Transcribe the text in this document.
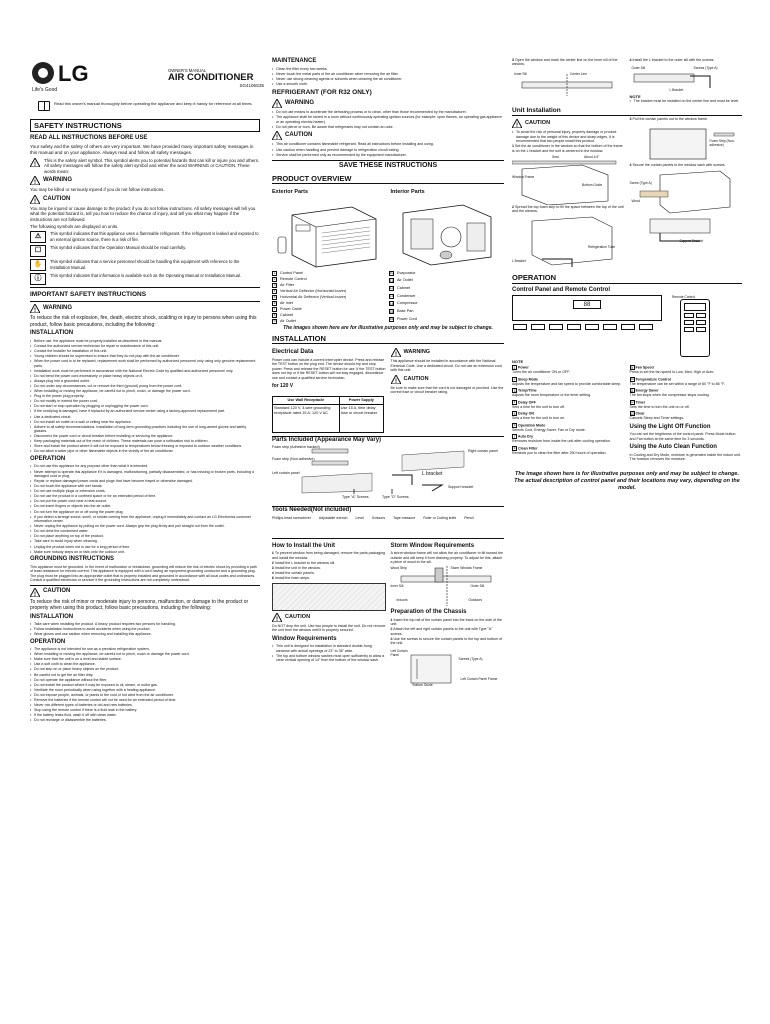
LG
Life's Good
OWNER'S MANUAL
AIR CONDITIONER
SG4106S35
Read this owner's manual thoroughly before operating the appliance and keep it handy for reference at all times.
SAFETY INSTRUCTIONS
READ ALL INSTRUCTIONS BEFORE USE

Your safety and the safety of others are very important. We have provided many important safety messages in this manual and on your appliance. Always read and follow all safety messages.

!
This is the safety alert symbol. This symbol alerts you to potential hazards that can kill or injure you and others. All safety messages will follow the safety alert symbol and either the word WARNING or CAUTION. These words mean:
!
WARNING

You may be killed or seriously injured if you do not follow instructions.

!
CAUTION

You may be injured or cause damage to the product if you do not follow instructions. All safety messages will tell you what the potential hazard is, tell you how to reduce the chance of injury, and tell you what may happen if the instructions are not followed.

The following symbols are displayed on units.

⚠	This symbol indicates that this appliance uses a flammable refrigerant. If the refrigerant is leaked and exposed to an external ignition source, there is a risk of fire.
☐	This symbol indicates that the Operation Manual should be read carefully.
✋	This symbol indicates that a service personnel should be handling this equipment with reference to the Installation Manual.
ⓘ	This symbol indicates that information is available such as the Operating Manual or Installation Manual.
IMPORTANT SAFETY INSTRUCTIONS
!
WARNING

To reduce the risk of explosion, fire, death, electric shock, scalding or injury to persons when using this product, follow basic precautions, including the following:

INSTALLATION
• Before use, the appliance must be properly installed as described in this manual.
• Contact the authorized service technician for repair or maintenance of this unit.
• Contact the installer for installation of this unit.
• Young children should be supervised to ensure that they do not play with the air conditioner.
• When the power cord is to be replaced, replacement work shall be performed by authorized personnel only using only genuine replacement parts.
• Installation work must be performed in accordance with the National Electric Code by qualified and authorized personnel only.
• Do not bend the power cord excessively or place heavy objects on it.
• Always plug into a grounded outlet.
• Do not under any circumstances, cut or remove the third (ground) prong from the power cord.
• When installing or moving the appliance, be careful not to pinch, crush, or damage the power cord.
• Plug in the power plug properly.
• Do not modify or extend the power cord.
• Do not start or stop operation by plugging or unplugging the power cord.
• If the cord/plug is damaged, have it replaced by an authorized service center using a factory-approved replacement part.
• Use a dedicated circuit.
• Do not install an outlet on a wall or ceiling near the appliance.
• Adhere to all safety recommendations. Installation of long-term grounding practices including the use of long-armed gloves and safety glasses.
• Disconnect the power cord or circuit breaker before installing or servicing the appliance.
• Keep packaging materials out of the reach of children. These materials can pose a suffocation risk to children.
• Store and install the product where it will not be exposed to temperatures below freezing or exposed to outdoor weather conditions.
• Do not allow a water pipe or other flammable objects in the vicinity of the air conditioner.
OPERATION
• Do not use this appliance for any purpose other than what it is intended.
• Never attempt to operate this appliance if it is damaged, malfunctioning, partially disassembled, or has missing or broken parts, including a damaged cord or plug.
• Repair or replace damaged power cords and plugs that have become frayed or otherwise damaged.
• Do not touch the appliance with wet hands.
• Do not use multiple plugs or extension cords.
• Do not use the product in a confined space or for an extended period of time.
• Do not put the power cord near a heat source.
• Do not insert fingers or objects into the air outlet.
• Do not turn the appliance on or off using the power plug.
• If you detect a strange sound, smell, or smoke coming from the appliance, unplug it immediately and contact an LG Electronics customer information center.
• Never unplug the appliance by pulling on the power cord. Always grip the plug firmly and pull straight out from the outlet.
• Do not drink the condensed water.
• Do not place anything on top of the product.
• Take care to avoid injury when cleaning.
• Unplug the product when not in use for a long period of time.
• Make sure nobody steps on or falls onto the outdoor unit.
GROUNDING INSTRUCTIONS

This appliance must be grounded. In the event of malfunction or breakdown, grounding will reduce the risk of electric shock by providing a path of least resistance for electric current. This appliance is equipped with a cord having an equipment-grounding conductor and a grounding plug. The plug must be plugged into an appropriate outlet that is properly installed and grounded in accordance with all local codes and ordinances. Consult a qualified electrician or servicer if the grounding instructions are not completely understood.

!
CAUTION

To reduce the risk of minor or moderate injury to persons, malfunction, or damage to the product or property when using this product, follow basic precautions, including the following:

INSTALLATION
• Take care when installing the product. A heavy product requires two persons for handling.
• Follow installation instructions to avoid accidents when using the product.
• Wear gloves and use caution when removing and installing this appliance.
OPERATION
• The appliance is not intended for use as a precision refrigeration system.
• When installing or moving the appliance, be careful not to pinch, crush or damage the power cord.
• Make sure that the unit is on a level and stable surface.
• Use a soft cloth to clean the appliance.
• Do not step on or place heavy objects on the product.
• Be careful not to get the air filter dirty.
• Do not operate the appliance without the filter.
• Do not install the product where it may be exposed to oil, steam, or sulfur gas.
• Ventilate the room periodically when using together with a heating appliance.
• Do not expose people, animals, or plants to the cold or hot wind from the air conditioner.
• Remove the batteries if the remote control will not be used for an extended period of time.
• Never mix different types of batteries or old and new batteries.
• Stop using the remote control if there is a fluid leak in the battery.
• If the battery leaks fluid, wash it off with clean water.
• Do not recharge or disassemble the batteries.
MAINTENANCE
• Clean the filter every two weeks.
• Never touch the metal parts of the air conditioner when removing the air filter.
• Never use strong cleaning agents or solvents when cleaning the air conditioner.
• Use a smooth cloth.
REFRIGERANT (FOR R32 ONLY)
!
WARNING
• Do not use means to accelerate the defrosting process or to clean, other than those recommended by the manufacturer.
• The appliance shall be stored in a room without continuously operating ignition sources (for example: open flames, an operating gas appliance or an operating electric heater).
• Do not pierce or burn. Be aware that refrigerants may not contain an odor.
!
CAUTION
• This air conditioner contains flammable refrigerant. Read all instructions before installing and using.
• Use caution when handling and prevent damage to refrigeration circuit tubing.
• Service shall be performed only as recommended by the equipment manufacturer.
SAVE THESE INSTRUCTIONS
PRODUCT OVERVIEW
Exterior Parts	Interior Parts
1	Control Panel
2	Remote Control
3	Air Filter
4	Vertical Air Deflector (Horizontal louver)
5	Horizontal Air Deflector (Vertical louver)
6	Air Inlet
7	Power Cable
8	Cabinet
9	Air Outlet
10 Evaporator
11 Air Outlet
12 Cabinet
13 Condenser
14 Compressor
15 Base Pan
16 Power Cord
The images shown here are for illustrative purposes only and may be subject to change.
INSTALLATION
Electrical Data

Power cord can include a current interrupter device. Press and release the TEST button on the plug end. The device should trip and stop power. Press and release the RESET button for use. If the TEST button does not trip or if the RESET button will not stay engaged, discontinue use and contact a qualified service technician.

for 120 V
! WARNING

This appliance should be installed in accordance with the National Electrical Code. Use a dedicated circuit. Do not use an extension cord with this unit.

! CAUTION

Be sure to make sure that the cord is not damaged or pinched. Use the correct fuse or circuit breaker rating.

Use Wall Receptacle	Power Supply
Standard 120 V, 3-wire grounding receptacle rated 15 A, 120 V AC	Use 15 A, time delay fuse or circuit breaker
Parts Included (Appearance May Vary)
Foam strip (Adhesive backed)
Foam strip (Non-adhesive)
Left curtain panel
Right curtain panel
L bracket
Support bracket
Type "A" Screws	Type "D" Screws
Tools Needed(Not included)
Phillips-head screwdriver Adjustable wrench Level Scissors Tape measure Ruler or Cutting knife Pencil
How to Install the Unit
• 1 To prevent window from being damaged, remove the parts packaging and install the window.
• 2 Install the L bracket to the window sill.
• 3 Install the unit in the window.
• 4 Install the curtain panels.
• 5 Install the foam strips.
! CAUTION

Do NOT drop the unit. Use two people to install the unit. Do not remove the unit from the window until it is properly secured.

Window Requirements
• This unit is designed for installation in standard double-hung windows with actual openings of 23" to 36" wide.
• The top and bottom window sashes must open sufficiently to allow a clear vertical opening of 14" from the bottom of the window sash.
Storm Window Requirements

A storm window frame will not allow the air conditioner to tilt toward the outside and will keep it from draining properly. To adjust for this, attach a piece of wood to the sill.

Wood Strip
Inner Sill	Outer Sill
Indoors	Outdoors
Storm Window Frame
Preparation of the Chassis
• 1 Insert the top rail of the curtain panel into the track on the side of the unit.
• 2 Attach the left and right curtain panels to the unit with Type "A" screws.
• 3 Use the screws to secure the curtain panels to the top and bottom of the unit.
Left Curtain Panel
Screws (Type A)
Bottom Guide
Left Curtain Panel Frame

3 Open the window and mark the center line on the inner sill of the window.

Inner Sill	Center Line

4 Install the L bracket to the outer sill with the screws.

Outer Sill	Screws (Type A)
L Bracket
NOTE
• The bracket must be installed on the center line and must be level.
Unit Installation
! CAUTION
• To avoid the risk of personal injury, property damage or product damage due to the weight of this device and sharp edges, it is recommended that two people install this product.

1 Set the air conditioner in the window so that the bottom of the frame is on the L bracket and the unit is centered in the window.

Seal	About 1/4"
Bottom Guide
Window Frame

2 Spread the top foam strip to fill the space between the top of the unit and the window.

L Bracket
Refrigeration Tube

3 Pull the curtain panels out to the window frame.

Foam Strip (Non-adhesive)

4 Secure the curtain panels to the window sash with screws.

Screw (Type A)
Wood
Support Bracket
OPERATION
Control Panel and Remote Control
88
Remote Control
NOTE
1 Power
Turns the air conditioner ON or OFF.
2 Sleep Mode
Adjusts the temperature and fan speed to provide comfortable sleep.
3 Temp/Time
Adjusts the room temperature or the timer setting.
4 Delay OFF
Sets a time for the unit to turn off.
5 Delay ON
Sets a time for the unit to turn on.
6 Operation Mode
Selects Cool, Energy Saver, Fan or Dry mode.
7 Auto Dry
Removes moisture from inside the unit after cooling operation.
8 Clean Filter
Reminds you to clean the filter after 250 hours of operation.
9 Fan Speed
Press to set the fan speed to Low, Med, High or Auto.
10 Temperature Control
The temperature can be set within a range of 60 °F to 86 °F.
11 Energy Saver
The fan stops when the compressor stops cooling.
12 Timer
Sets the time to turn the unit on or off.
13 Clear
Cancels Sleep and Timer settings.
Using the Light Off Function

You can set the brightness of the control panel. Press Mode button and Fan button at the same time for 3 seconds.

Using the Auto Clean Function

In Cooling and Dry Mode, moisture is generated inside the indoor unit. The function removes the moisture.

The image shown here is for illustrative purposes only and may be subject to change. The actual description of control panel and their locations may vary, depending on the model.
